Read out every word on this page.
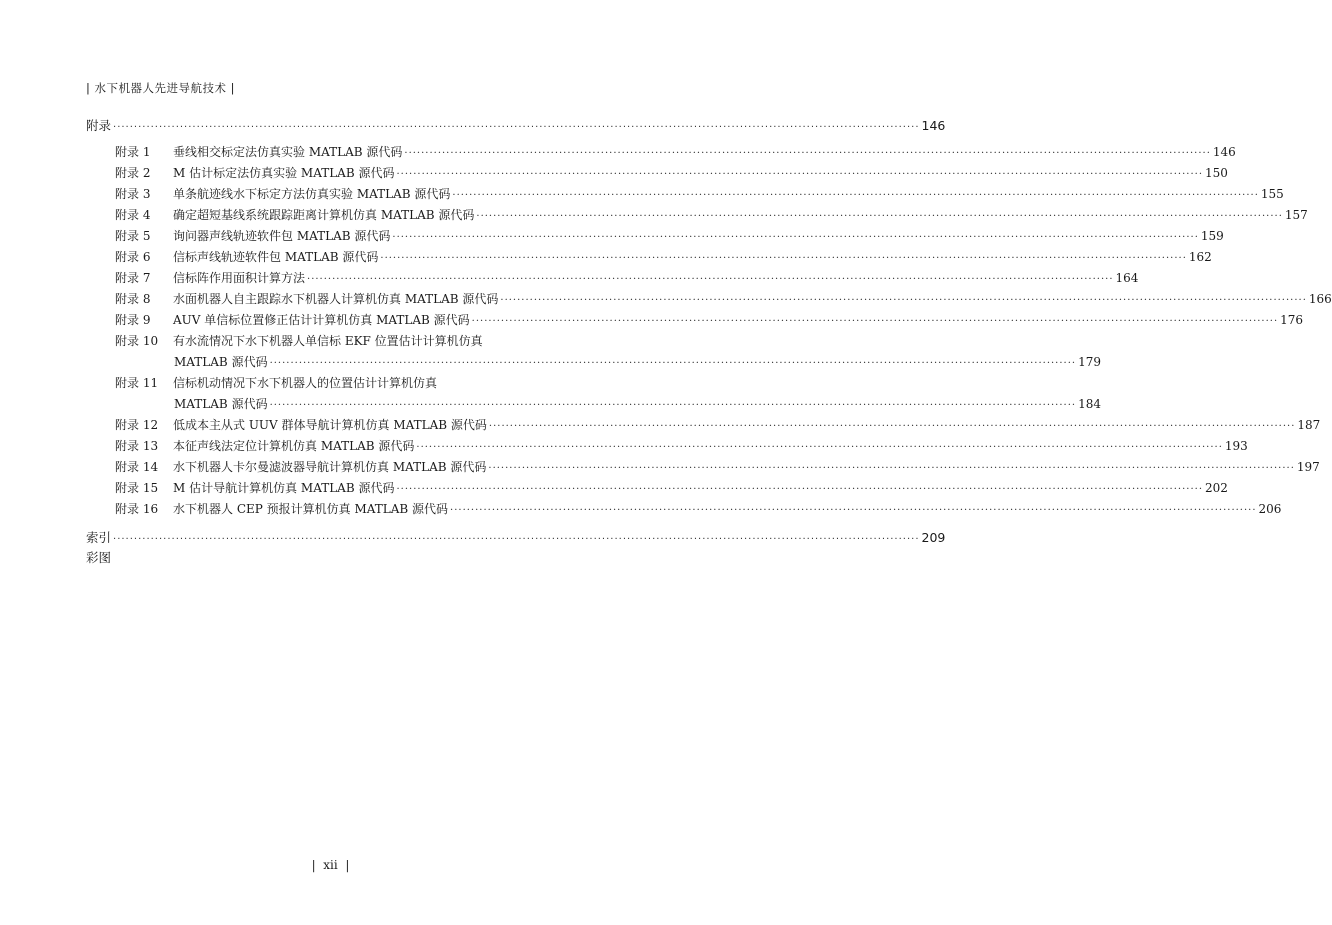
| 水下机器人先进导航技术 |
附录 ·····	146
附录 1	垂线相交标定法仿真实验 MATLAB 源代码 ·····	146
附录 2	M 估计标定法仿真实验 MATLAB 源代码 ·····	150
附录 3	单条航迹线水下标定方法仿真实验 MATLAB 源代码 ·····	155
附录 4	确定超短基线系统跟踪距离计算机仿真 MATLAB 源代码 ·····	157
附录 5	询问器声线轨迹软件包 MATLAB 源代码 ·····	159
附录 6	信标声线轨迹软件包 MATLAB 源代码 ·····	162
附录 7	信标阵作用面积计算方法 ·····	164
附录 8	水面机器人自主跟踪水下机器人计算机仿真 MATLAB 源代码 ·····	166
附录 9	AUV 单信标位置修正估计计算机仿真 MATLAB 源代码 ·····	176
附录 10	有水流情况下水下机器人单信标 EKF 位置估计计算机仿真
MATLAB 源代码 ·····	179
附录 11	信标机动情况下水下机器人的位置估计计算机仿真
MATLAB 源代码 ·····	184
附录 12	低成本主从式 UUV 群体导航计算机仿真 MATLAB 源代码 ·····	187
附录 13	本征声线法定位计算机仿真 MATLAB 源代码 ·····	193
附录 14	水下机器人卡尔曼滤波器导航计算机仿真 MATLAB 源代码 ·····	197
附录 15	M 估计导航计算机仿真 MATLAB 源代码 ·····	202
附录 16	水下机器人 CEP 预报计算机仿真 MATLAB 源代码 ·····	206
索引 ·····	209
彩图
|  xii  |
